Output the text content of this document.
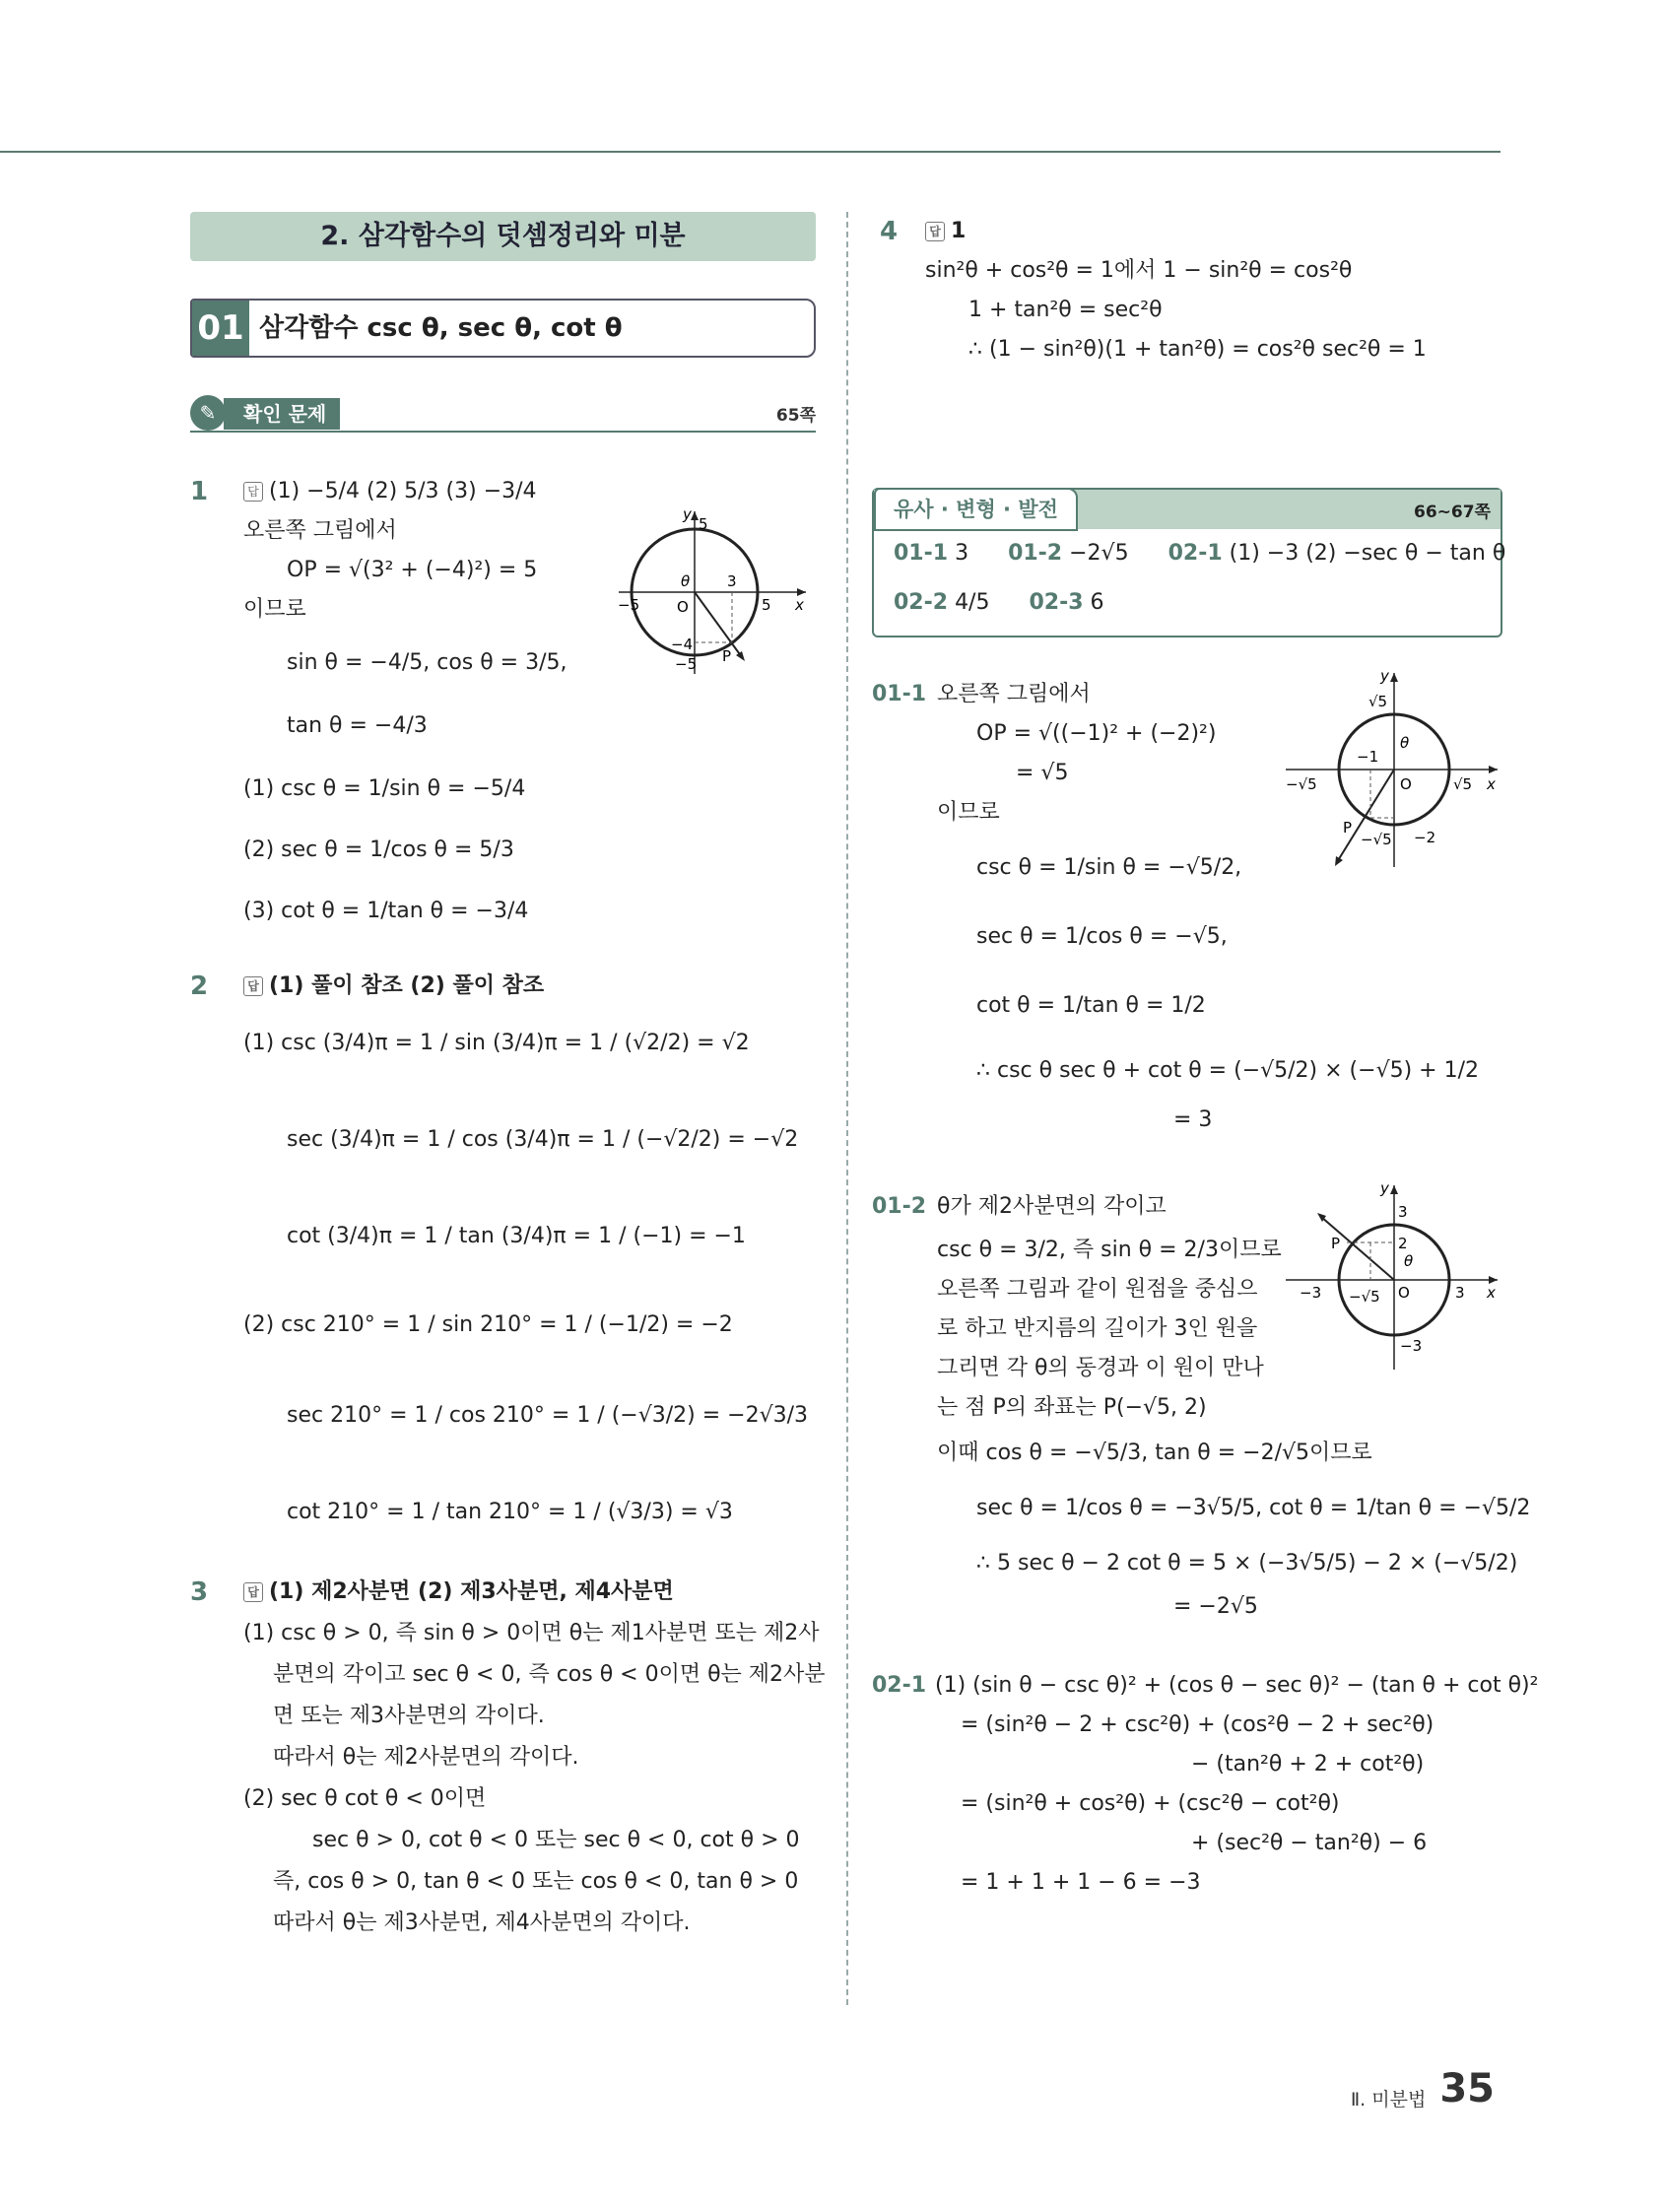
2. 삼각함수의 덧셈정리와 미분
01 삼각함수 csc θ, sec θ, cot θ
✎	확인 문제	65쪽
1	답 (1) −5/4 (2) 5/3 (3) −3/4
오른쪽 그림에서
OP = √(3² + (−4)²) = 5
이므로
sin θ = −4/5, cos θ = 3/5,
tan θ = −4/3
(1) csc θ = 1/sin θ = −5/4
(2) sec θ = 1/cos θ = 5/3
(3) cot θ = 1/tan θ = −3/4
y
5
x
5
−5
−5
O
3
−4
θ
P
2	답 (1) 풀이 참조 (2) 풀이 참조
(1) csc (3/4)π = 1 / sin (3/4)π = 1 / (√2/2) = √2
sec (3/4)π = 1 / cos (3/4)π = 1 / (−√2/2) = −√2
cot (3/4)π = 1 / tan (3/4)π = 1 / (−1) = −1
(2) csc 210° = 1 / sin 210° = 1 / (−1/2) = −2
sec 210° = 1 / cos 210° = 1 / (−√3/2) = −2√3/3
cot 210° = 1 / tan 210° = 1 / (√3/3) = √3
3	답 (1) 제2사분면 (2) 제3사분면, 제4사분면
(1) csc θ > 0, 즉 sin θ > 0이면 θ는 제1사분면 또는 제2사
분면의 각이고 sec θ < 0, 즉 cos θ < 0이면 θ는 제2사분
면 또는 제3사분면의 각이다.
따라서 θ는 제2사분면의 각이다.
(2) sec θ cot θ < 0이면
sec θ > 0, cot θ < 0 또는 sec θ < 0, cot θ > 0
즉, cos θ > 0, tan θ < 0 또는 cos θ < 0, tan θ > 0
따라서 θ는 제3사분면, 제4사분면의 각이다.
4	답 1
sin²θ + cos²θ = 1에서 1 − sin²θ = cos²θ
1 + tan²θ = sec²θ
∴ (1 − sin²θ)(1 + tan²θ) = cos²θ sec²θ = 1
유사 · 변형 · 발전	66~67쪽
01-1 3 01-2 −2√5 02-1 (1) −3 (2) −sec θ − tan θ
02-2 4/5 02-3 6
01-1 오른쪽 그림에서
OP = √((−1)² + (−2)²)
= √5
이므로
csc θ = 1/sin θ = −√5/2,
sec θ = 1/cos θ = −√5,
cot θ = 1/tan θ = 1/2
∴ csc θ sec θ + cot θ = (−√5/2) × (−√5) + 1/2
= 3
y
√5
x
√5
−√5
−√5
O
−1
−2
θ
P
01-2 θ가 제2사분면의 각이고
csc θ = 3/2, 즉 sin θ = 2/3이므로
오른쪽 그림과 같이 원점을 중심으
로 하고 반지름의 길이가 3인 원을
그리면 각 θ의 동경과 이 원이 만나
는 점 P의 좌표는 P(−√5, 2)
이때 cos θ = −√5/3, tan θ = −2/√5이므로
sec θ = 1/cos θ = −3√5/5, cot θ = 1/tan θ = −√5/2
∴ 5 sec θ − 2 cot θ = 5 × (−3√5/5) − 2 × (−√5/2)
= −2√5
y
3
x
3
−3
−3
O
2
−√5
θ
P
02-1 (1) (sin θ − csc θ)² + (cos θ − sec θ)² − (tan θ + cot θ)²
= (sin²θ − 2 + csc²θ) + (cos²θ − 2 + sec²θ)
− (tan²θ + 2 + cot²θ)
= (sin²θ + cos²θ) + (csc²θ − cot²θ)
+ (sec²θ − tan²θ) − 6
= 1 + 1 + 1 − 6 = −3
Ⅱ. 미분법 35
